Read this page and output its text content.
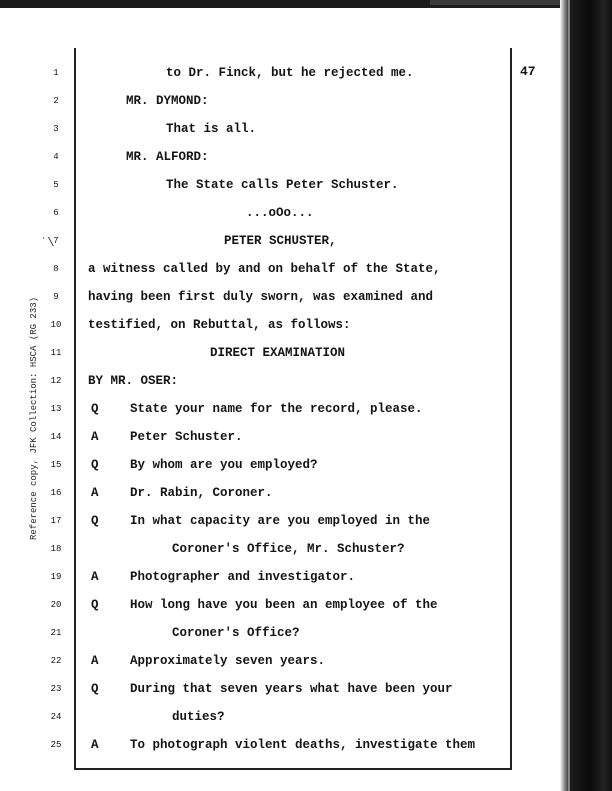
47
Reference copy, JFK Collection: HSCA (RG 233)
˙\
1	to Dr. Finck, but he rejected me.
2	MR. DYMOND:
3	That is all.
4	MR. ALFORD:
5	The State calls Peter Schuster.
6	...oOo...
7	PETER SCHUSTER,
8	a witness called by and on behalf of the State,
9	having been first duly sworn, was examined and
10	testified, on Rebuttal, as follows:
11	DIRECT EXAMINATION
12	BY MR. OSER:
13	Q	State your name for the record, please.
14	A	Peter Schuster.
15	Q	By whom are you employed?
16	A	Dr. Rabin, Coroner.
17	Q	In what capacity are you employed in the
18	Coroner's Office, Mr. Schuster?
19	A	Photographer and investigator.
20	Q	How long have you been an employee of the
21	Coroner's Office?
22	A	Approximately seven years.
23	Q	During that seven years what have been your
24	duties?
25	A	To photograph violent deaths, investigate them
